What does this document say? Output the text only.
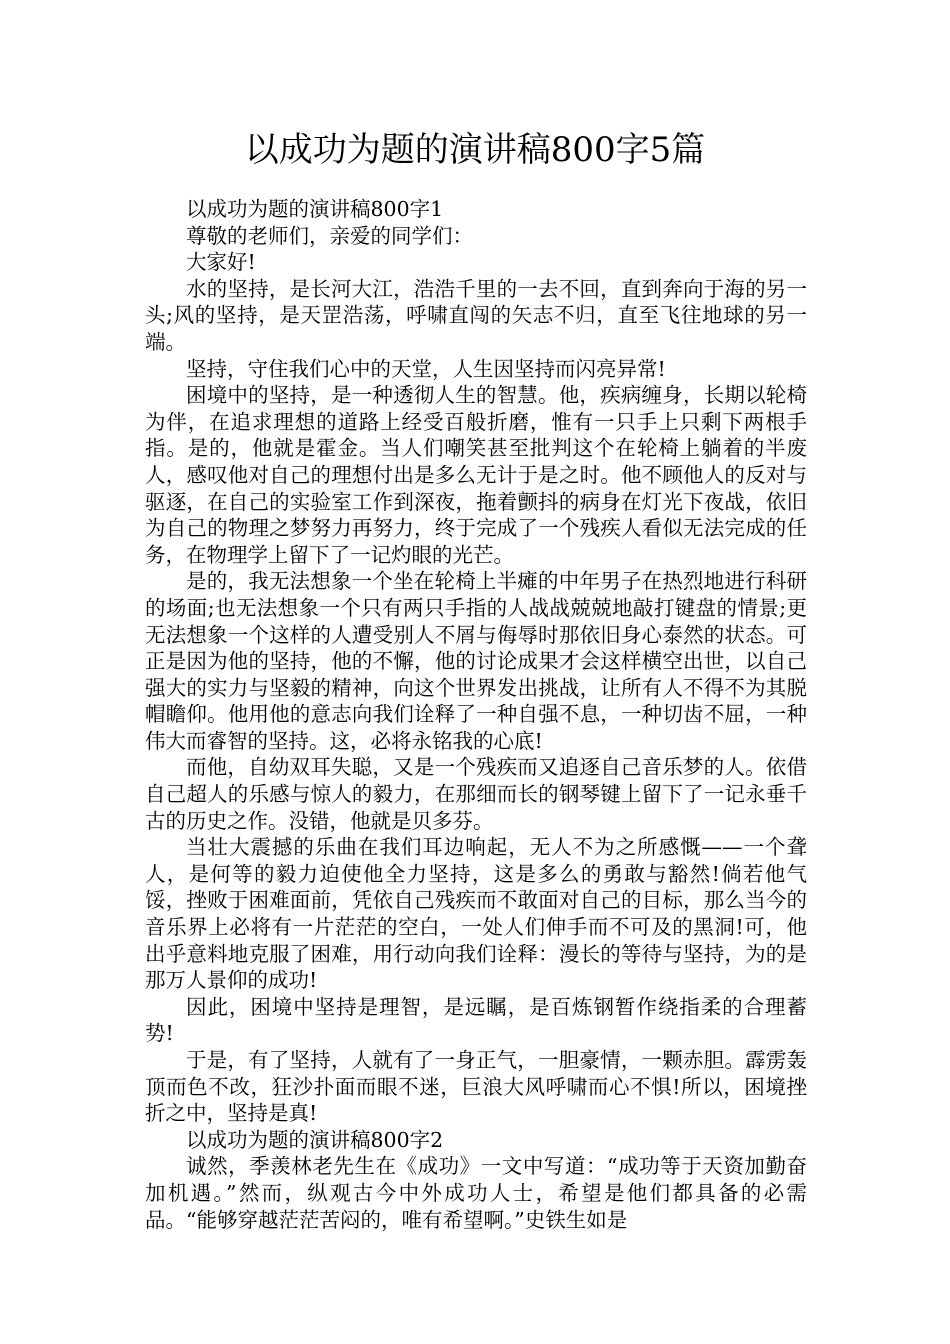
以成功为题的演讲稿800字5篇

以成功为题的演讲稿800字1

尊敬的老师们，亲爱的同学们：

大家好!

水的坚持，是长河大江，浩浩千里的一去不回，直到奔向于海的另一头;风的坚持，是天罡浩荡，呼啸直闯的矢志不归，直至飞往地球的另一端。

坚持，守住我们心中的天堂，人生因坚持而闪亮异常!

困境中的坚持，是一种透彻人生的智慧。他，疾病缠身，长期以轮椅为伴，在追求理想的道路上经受百般折磨，惟有一只手上只剩下两根手指。是的，他就是霍金。当人们嘲笑甚至批判这个在轮椅上躺着的半废人，感叹他对自己的理想付出是多么无计于是之时。他不顾他人的反对与驱逐，在自己的实验室工作到深夜，拖着颤抖的病身在灯光下夜战，依旧为自己的物理之梦努力再努力，终于完成了一个残疾人看似无法完成的任务，在物理学上留下了一记灼眼的光芒。

是的，我无法想象一个坐在轮椅上半瘫的中年男子在热烈地进行科研的场面;也无法想象一个只有两只手指的人战战兢兢地敲打键盘的情景;更无法想象一个这样的人遭受别人不屑与侮辱时那依旧身心泰然的状态。可正是因为他的坚持，他的不懈，他的讨论成果才会这样横空出世，以自己强大的实力与坚毅的精神，向这个世界发出挑战，让所有人不得不为其脱帽瞻仰。他用他的意志向我们诠释了一种自强不息，一种切齿不屈，一种伟大而睿智的坚持。这，必将永铭我的心底!

而他，自幼双耳失聪，又是一个残疾而又追逐自己音乐梦的人。依借自己超人的乐感与惊人的毅力，在那细而长的钢琴键上留下了一记永垂千古的历史之作。没错，他就是贝多芬。

当壮大震撼的乐曲在我们耳边响起，无人不为之所感慨——一个聋人，是何等的毅力迫使他全力坚持，这是多么的勇敢与豁然!倘若他气馁，挫败于困难面前，凭依自己残疾而不敢面对自己的目标，那么当今的音乐界上必将有一片茫茫的空白，一处人们伸手而不可及的黑洞!可，他出乎意料地克服了困难，用行动向我们诠释：漫长的等待与坚持，为的是那万人景仰的成功!

因此，困境中坚持是理智，是远瞩，是百炼钢暂作绕指柔的合理蓄势!

于是，有了坚持，人就有了一身正气，一胆豪情，一颗赤胆。霹雳轰顶而色不改，狂沙扑面而眼不迷，巨浪大风呼啸而心不惧!所以，困境挫折之中，坚持是真!

以成功为题的演讲稿800字2

诚然，季羡林老先生在《成功》一文中写道：“成功等于天资加勤奋加机遇。”然而，纵观古今中外成功人士，希望是他们都具备的必需品。“能够穿越茫茫苦闷的，唯有希望啊。”史铁生如是
